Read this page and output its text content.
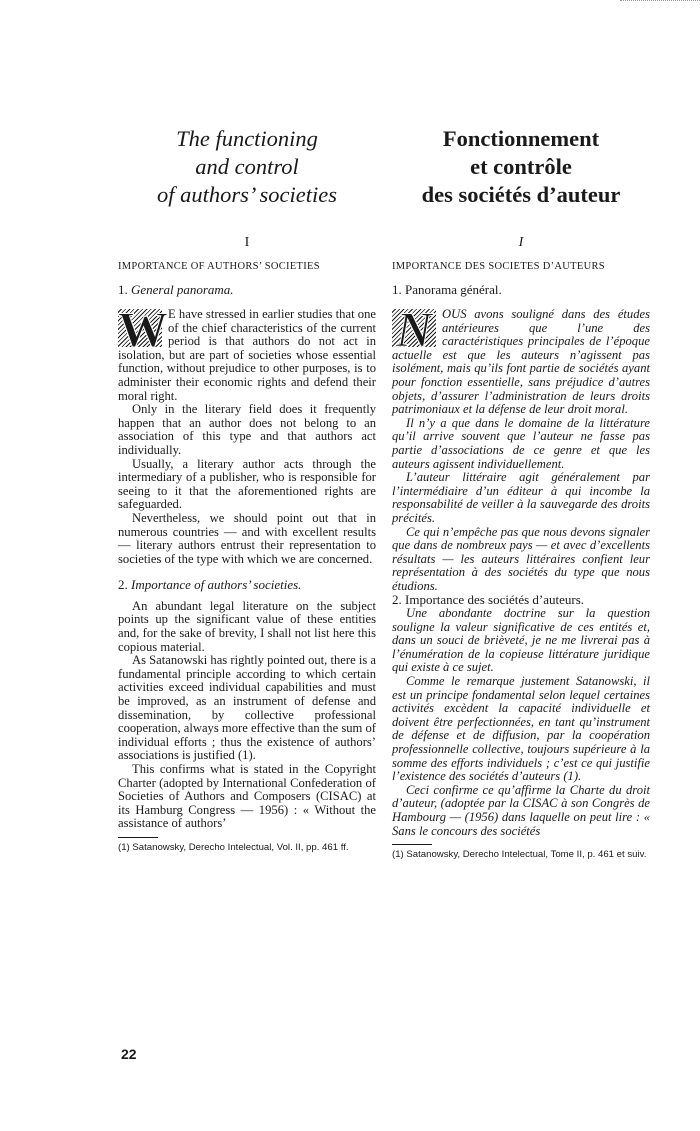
The functioning
and control
of authors’ societies
I
IMPORTANCE OF AUTHORS’ SOCIETIES
1. General panorama.
W E have stressed in earlier studies that one of the chief characteristics of the current period is that authors do not act in isolation, but are part of societies whose essential function, without prejudice to other purposes, is to administer their economic rights and defend their moral right.

Only in the literary field does it frequently happen that an author does not belong to an association of this type and that authors act individually.

Usually, a literary author acts through the intermediary of a publisher, who is responsible for seeing to it that the aforementioned rights are safeguarded.

Nevertheless, we should point out that in numerous countries — and with excellent results — literary authors entrust their representation to societies of the type with which we are concerned.

2. Importance of authors’ societies.

An abundant legal literature on the subject points up the significant value of these entities and, for the sake of brevity, I shall not list here this copious material.

As Satanowski has rightly pointed out, there is a fundamental principle according to which certain activities exceed individual capabilities and must be improved, as an instrument of defense and dissemination, by collective professional cooperation, always more effective than the sum of individual efforts ; thus the existence of authors’ associations is justified (1).

This confirms what is stated in the Copyright Charter (adopted by International Confederation of Societies of Authors and Composers (CISAC) at its Hamburg Congress — 1956) : « Without the assistance of authors’

(1) Satanowsky, Derecho Intelectual, Vol. II, pp. 461 ff.
Fonctionnement
et contrôle
des sociétés d’auteur
I
IMPORTANCE DES SOCIETES D’AUTEURS
1. Panorama général.
N OUS avons souligné dans des études antérieures que l’une des caractéristiques principales de l’époque actuelle est que les auteurs n’agissent pas isolément, mais qu’ils font partie de sociétés ayant pour fonction essentielle, sans préjudice d’autres objets, d’assurer l’administration de leurs droits patrimoniaux et la défense de leur droit moral.

Il n’y a que dans le domaine de la littérature qu’il arrive souvent que l’auteur ne fasse pas partie d’associations de ce genre et que les auteurs agissent individuellement.

L’auteur littéraire agit généralement par l’intermédiaire d’un éditeur à qui incombe la responsabilité de veiller à la sauvegarde des droits précités.

Ce qui n’empêche pas que nous devons signaler que dans de nombreux pays — et avec d’excellents résultats — les auteurs littéraires confient leur représentation à des sociétés du type que nous étudions.

2. Importance des sociétés d’auteurs.

Une abondante doctrine sur la question souligne la valeur significative de ces entités et, dans un souci de brièveté, je ne me livrerai pas à l’énumération de la copieuse littérature juridique qui existe à ce sujet.

Comme le remarque justement Satanowski, il est un principe fondamental selon lequel certaines activités excèdent la capacité individuelle et doivent être perfectionnées, en tant qu’instrument de défense et de diffusion, par la coopération professionnelle collective, toujours supérieure à la somme des efforts individuels ; c’est ce qui justifie l’existence des sociétés d’auteurs (1).

Ceci confirme ce qu’affirme la Charte du droit d’auteur, (adoptée par la CISAC à son Congrès de Hambourg — (1956) dans laquelle on peut lire : « Sans le concours des sociétés

(1) Satanowsky, Derecho Intelectual, Tome II, p. 461 et suiv.
22
